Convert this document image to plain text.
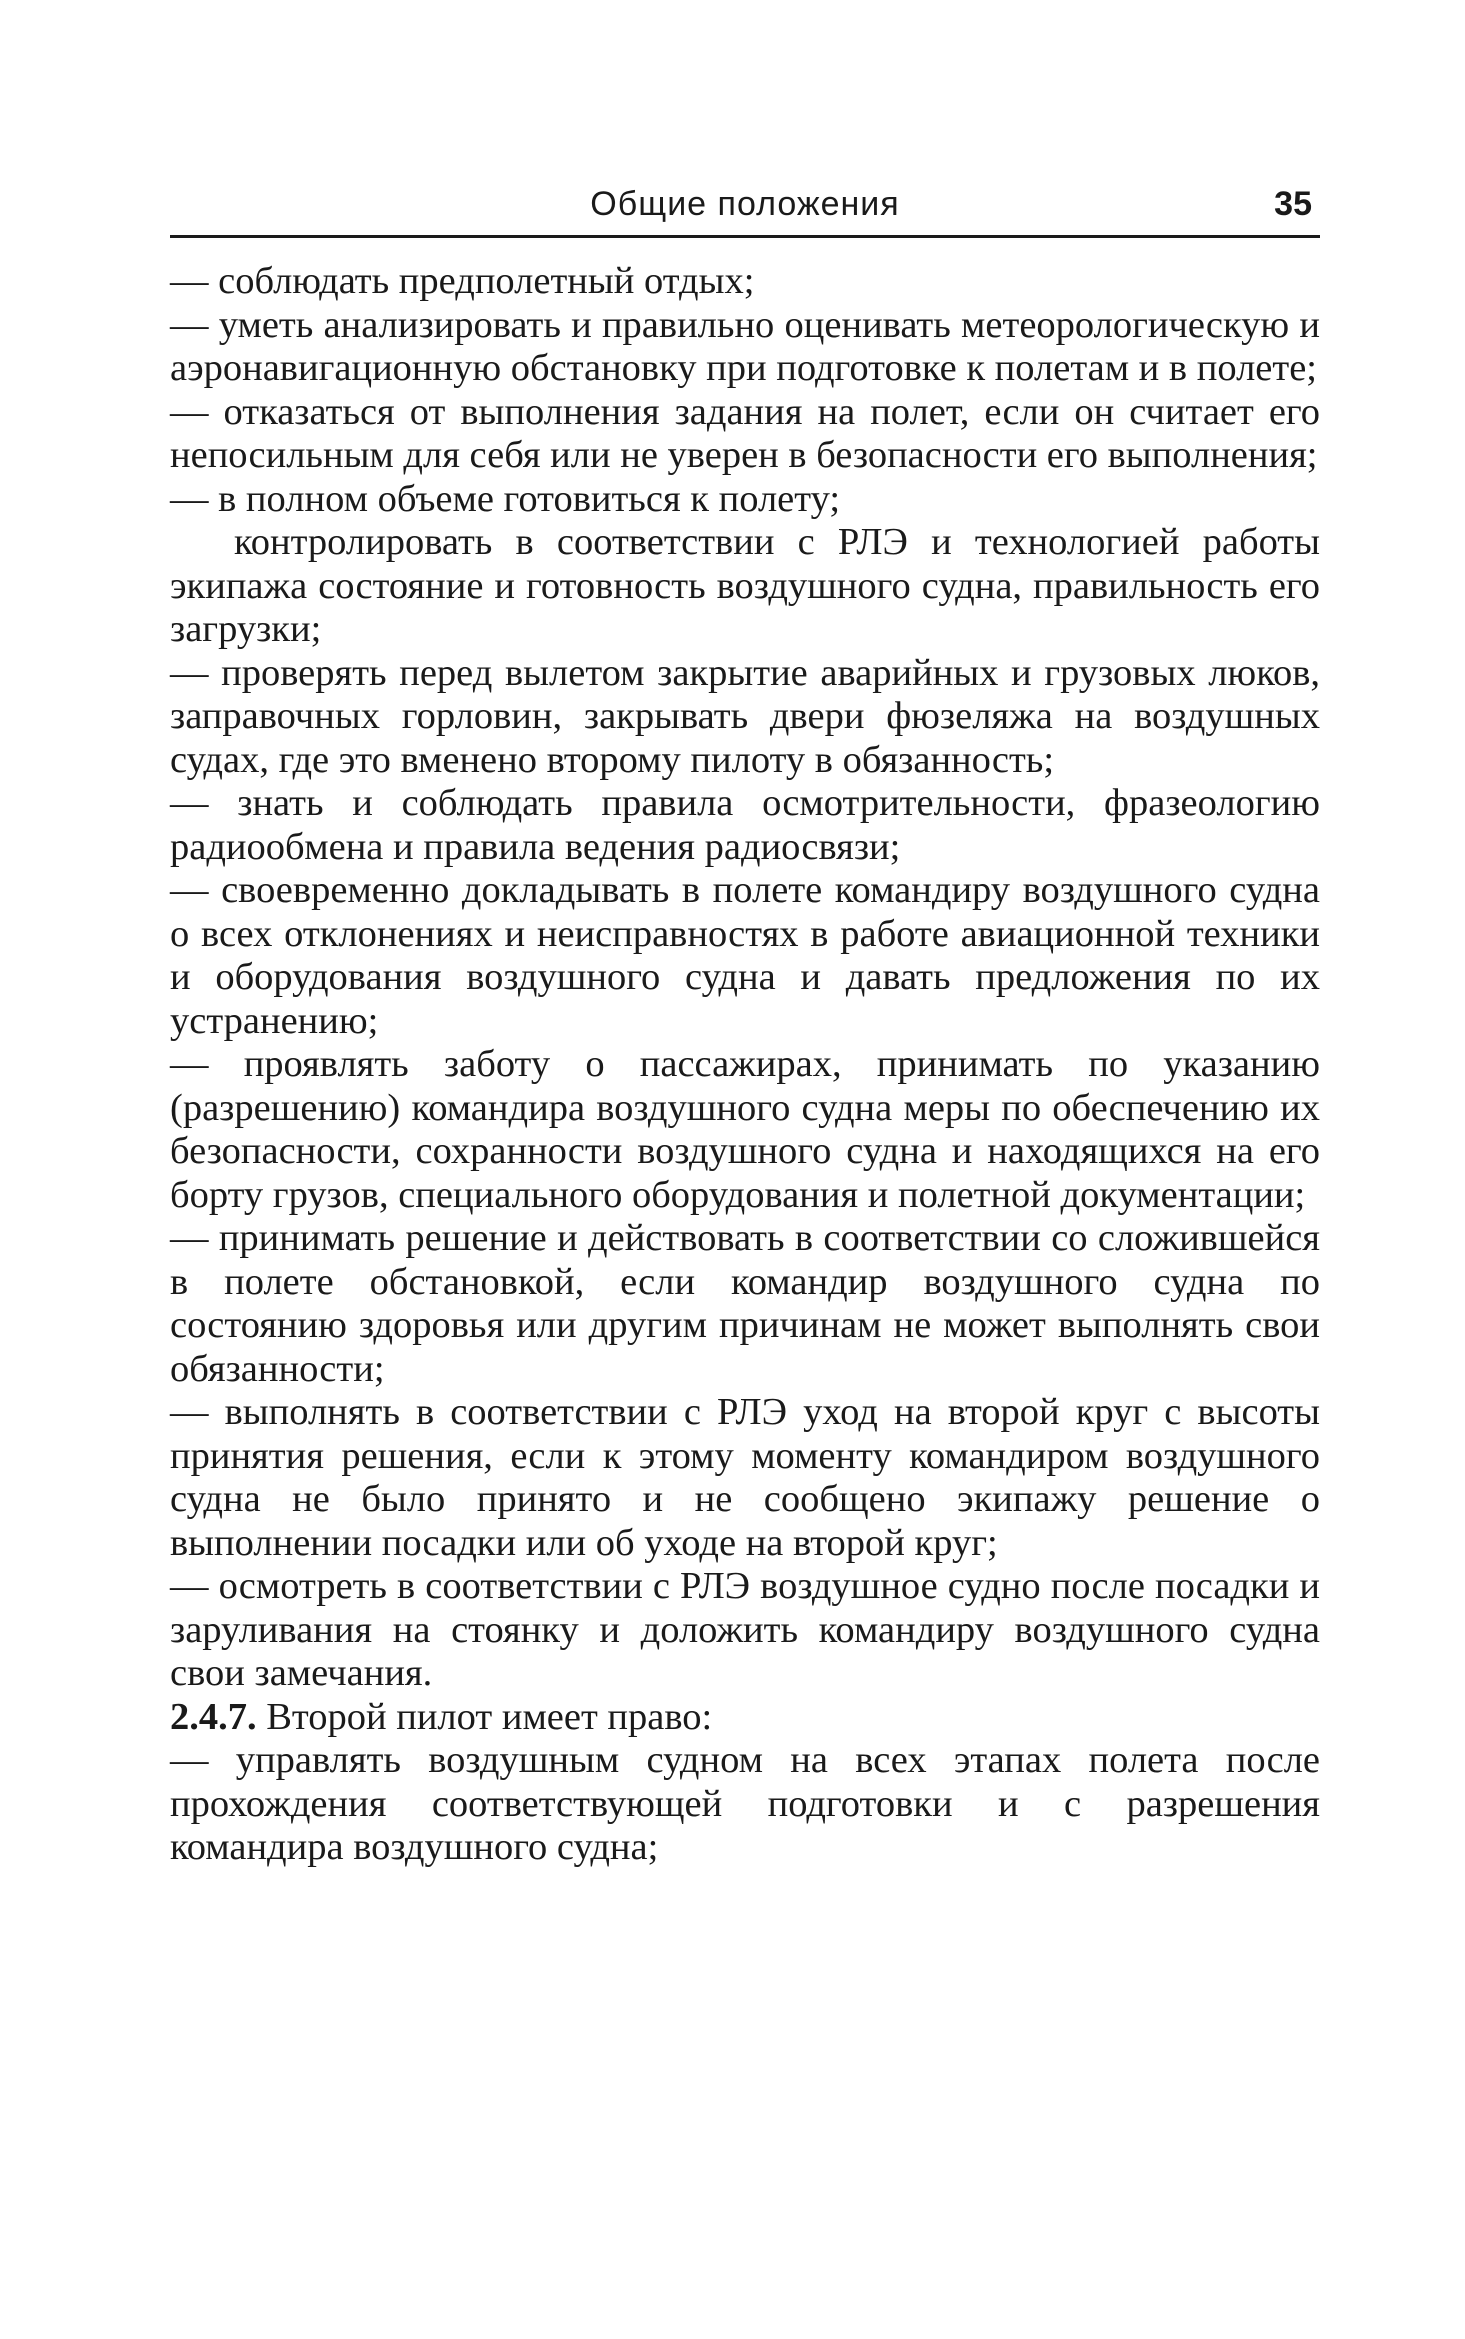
Общие положения	35

— соблюдать предполетный отдых;

— уметь анализировать и правильно оценивать метеорологическую и аэронавигационную обстановку при подготовке к полетам и в полете;

— отказаться от выполнения задания на полет, если он считает его непосильным для себя или не уверен в безопасности его выполнения;

— в полном объеме готовиться к полету;

контролировать в соответствии с РЛЭ и технологией работы экипажа состояние и готовность воздушного судна, правильность его загрузки;

— проверять перед вылетом закрытие аварийных и грузовых люков, заправочных горловин, закрывать двери фюзеляжа на воздушных судах, где это вменено второму пилоту в обязанность;

— знать и соблюдать правила осмотрительности, фразеологию радиообмена и правила ведения радиосвязи;

— своевременно докладывать в полете командиру воздушного судна о всех отклонениях и неисправностях в работе авиационной техники и оборудования воздушного судна и давать предложения по их устранению;

— проявлять заботу о пассажирах, принимать по указанию (разрешению) командира воздушного судна меры по обеспечению их безопасности, сохранности воздушного судна и находящихся на его борту грузов, специального оборудования и полетной документации;

— принимать решение и действовать в соответствии со сложившейся в полете обстановкой, если командир воздушного судна по состоянию здоровья или другим причинам не может выполнять свои обязанности;

— выполнять в соответствии с РЛЭ уход на второй круг с высоты принятия решения, если к этому моменту командиром воздушного судна не было принято и не сообщено экипажу решение о выполнении посадки или об уходе на второй круг;

— осмотреть в соответствии с РЛЭ воздушное судно после посадки и заруливания на стоянку и доложить командиру воздушного судна свои замечания.

2.4.7. Второй пилот имеет право:

— управлять воздушным судном на всех этапах полета после прохождения соответствующей подготовки и с разрешения командира воздушного судна;
